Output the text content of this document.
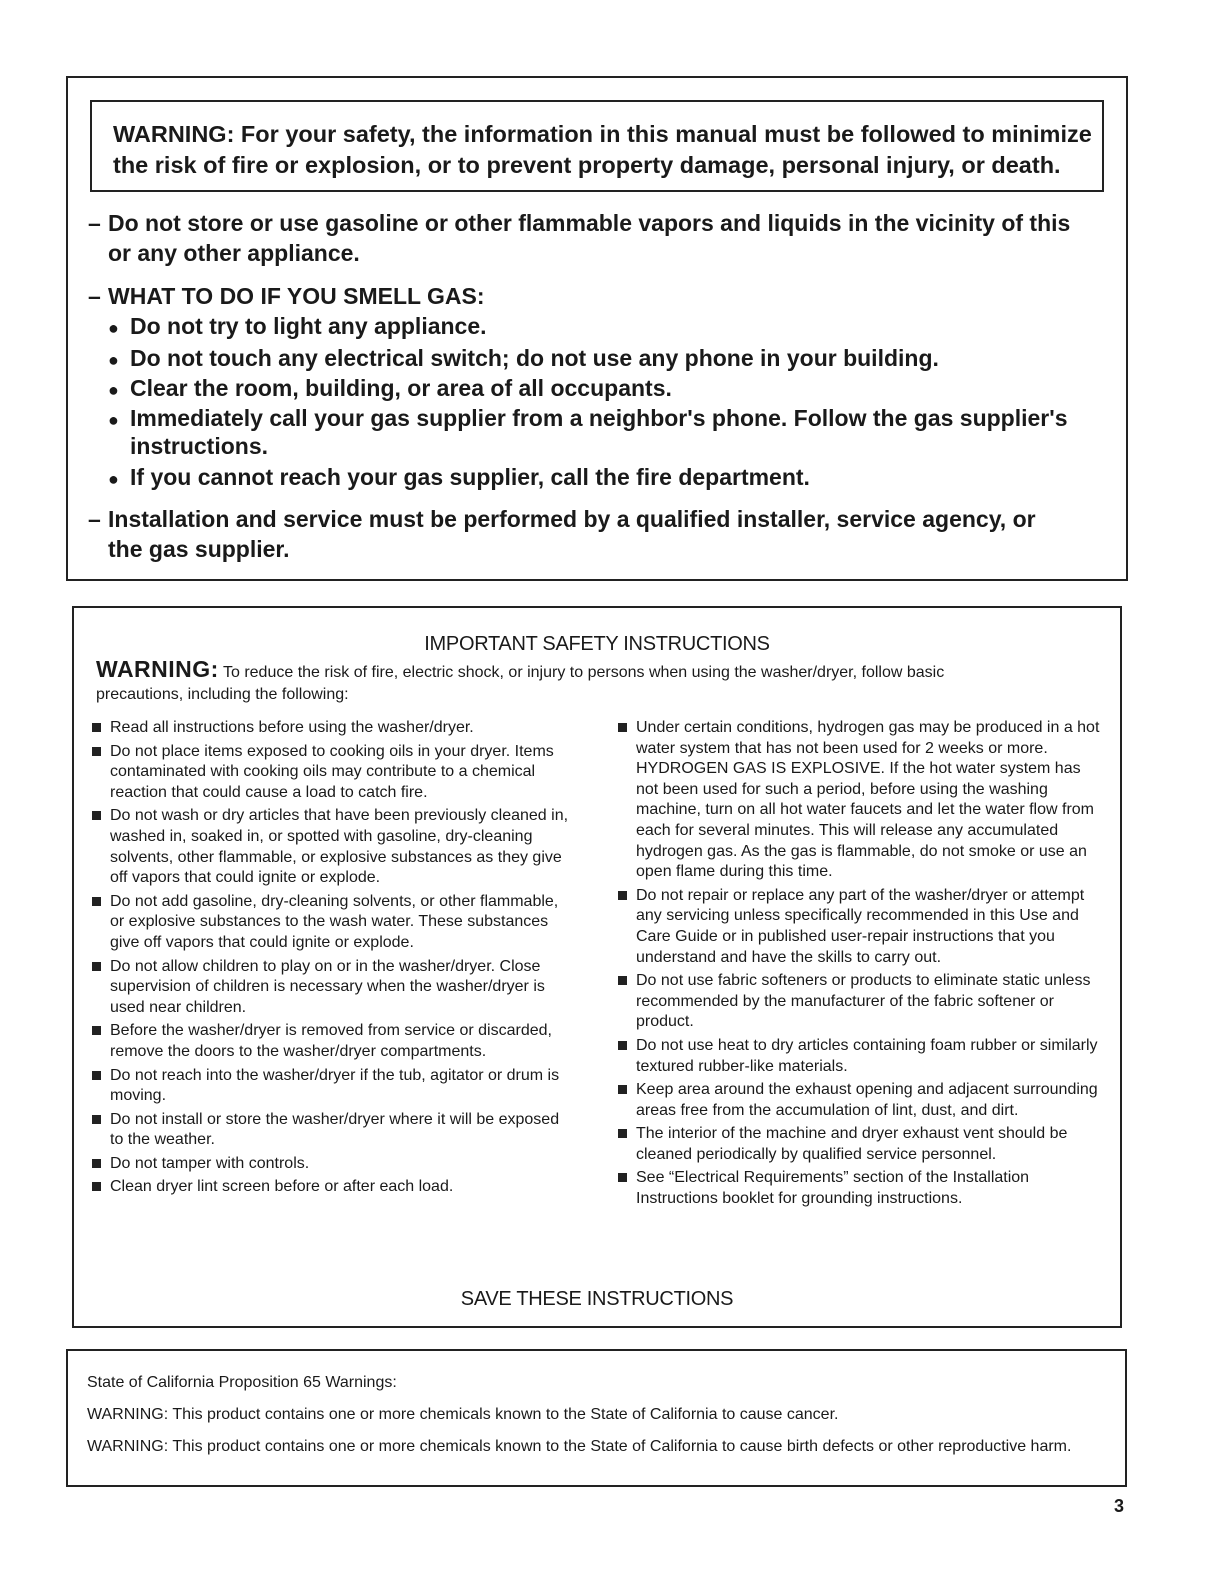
WARNING: For your safety, the information in this manual must be followed to minimize
the risk of fire or explosion, or to prevent property damage, personal injury, or death.
– Do not store or use gasoline or other flammable vapors and liquids in the vicinity of this
or any other appliance.
– WHAT TO DO IF YOU SMELL GAS:
● Do not try to light any appliance.
● Do not touch any electrical switch; do not use any phone in your building.
● Clear the room, building, or area of all occupants.
● Immediately call your gas supplier from a neighbor's phone. Follow the gas supplier's
instructions.
● If you cannot reach your gas supplier, call the fire department.
– Installation and service must be performed by a qualified installer, service agency, or
the gas supplier.
IMPORTANT SAFETY INSTRUCTIONS
WARNING: To reduce the risk of fire, electric shock, or injury to persons when using the washer/dryer, follow basic
precautions, including the following:
Read all instructions before using the washer/dryer.
Do not place items exposed to cooking oils in your dryer. Items contaminated with cooking oils may contribute to a chemical reaction that could cause a load to catch fire.
Do not wash or dry articles that have been previously cleaned in, washed in, soaked in, or spotted with gasoline, dry-cleaning solvents, other flammable, or explosive substances as they give off vapors that could ignite or explode.
Do not add gasoline, dry-cleaning solvents, or other flammable, or explosive substances to the wash water. These substances give off vapors that could ignite or explode.
Do not allow children to play on or in the washer/dryer. Close supervision of children is necessary when the washer/dryer is used near children.
Before the washer/dryer is removed from service or discarded, remove the doors to the washer/dryer compartments.
Do not reach into the washer/dryer if the tub, agitator or drum is moving.
Do not install or store the washer/dryer where it will be exposed to the weather.
Do not tamper with controls.
Clean dryer lint screen before or after each load.
Under certain conditions, hydrogen gas may be produced in a hot water system that has not been used for 2 weeks or more. HYDROGEN GAS IS EXPLOSIVE. If the hot water system has not been used for such a period, before using the washing machine, turn on all hot water faucets and let the water flow from each for several minutes. This will release any accumulated hydrogen gas. As the gas is flammable, do not smoke or use an open flame during this time.
Do not repair or replace any part of the washer/dryer or attempt any servicing unless specifically recommended in this Use and Care Guide or in published user-repair instructions that you understand and have the skills to carry out.
Do not use fabric softeners or products to eliminate static unless recommended by the manufacturer of the fabric softener or product.
Do not use heat to dry articles containing foam rubber or similarly textured rubber-like materials.
Keep area around the exhaust opening and adjacent surrounding areas free from the accumulation of lint, dust, and dirt.
The interior of the machine and dryer exhaust vent should be cleaned periodically by qualified service personnel.
See “Electrical Requirements” section of the Installation Instructions booklet for grounding instructions.
SAVE THESE INSTRUCTIONS

State of California Proposition 65 Warnings:

WARNING: This product contains one or more chemicals known to the State of California to cause cancer.

WARNING: This product contains one or more chemicals known to the State of California to cause birth defects or other reproductive harm.

3
